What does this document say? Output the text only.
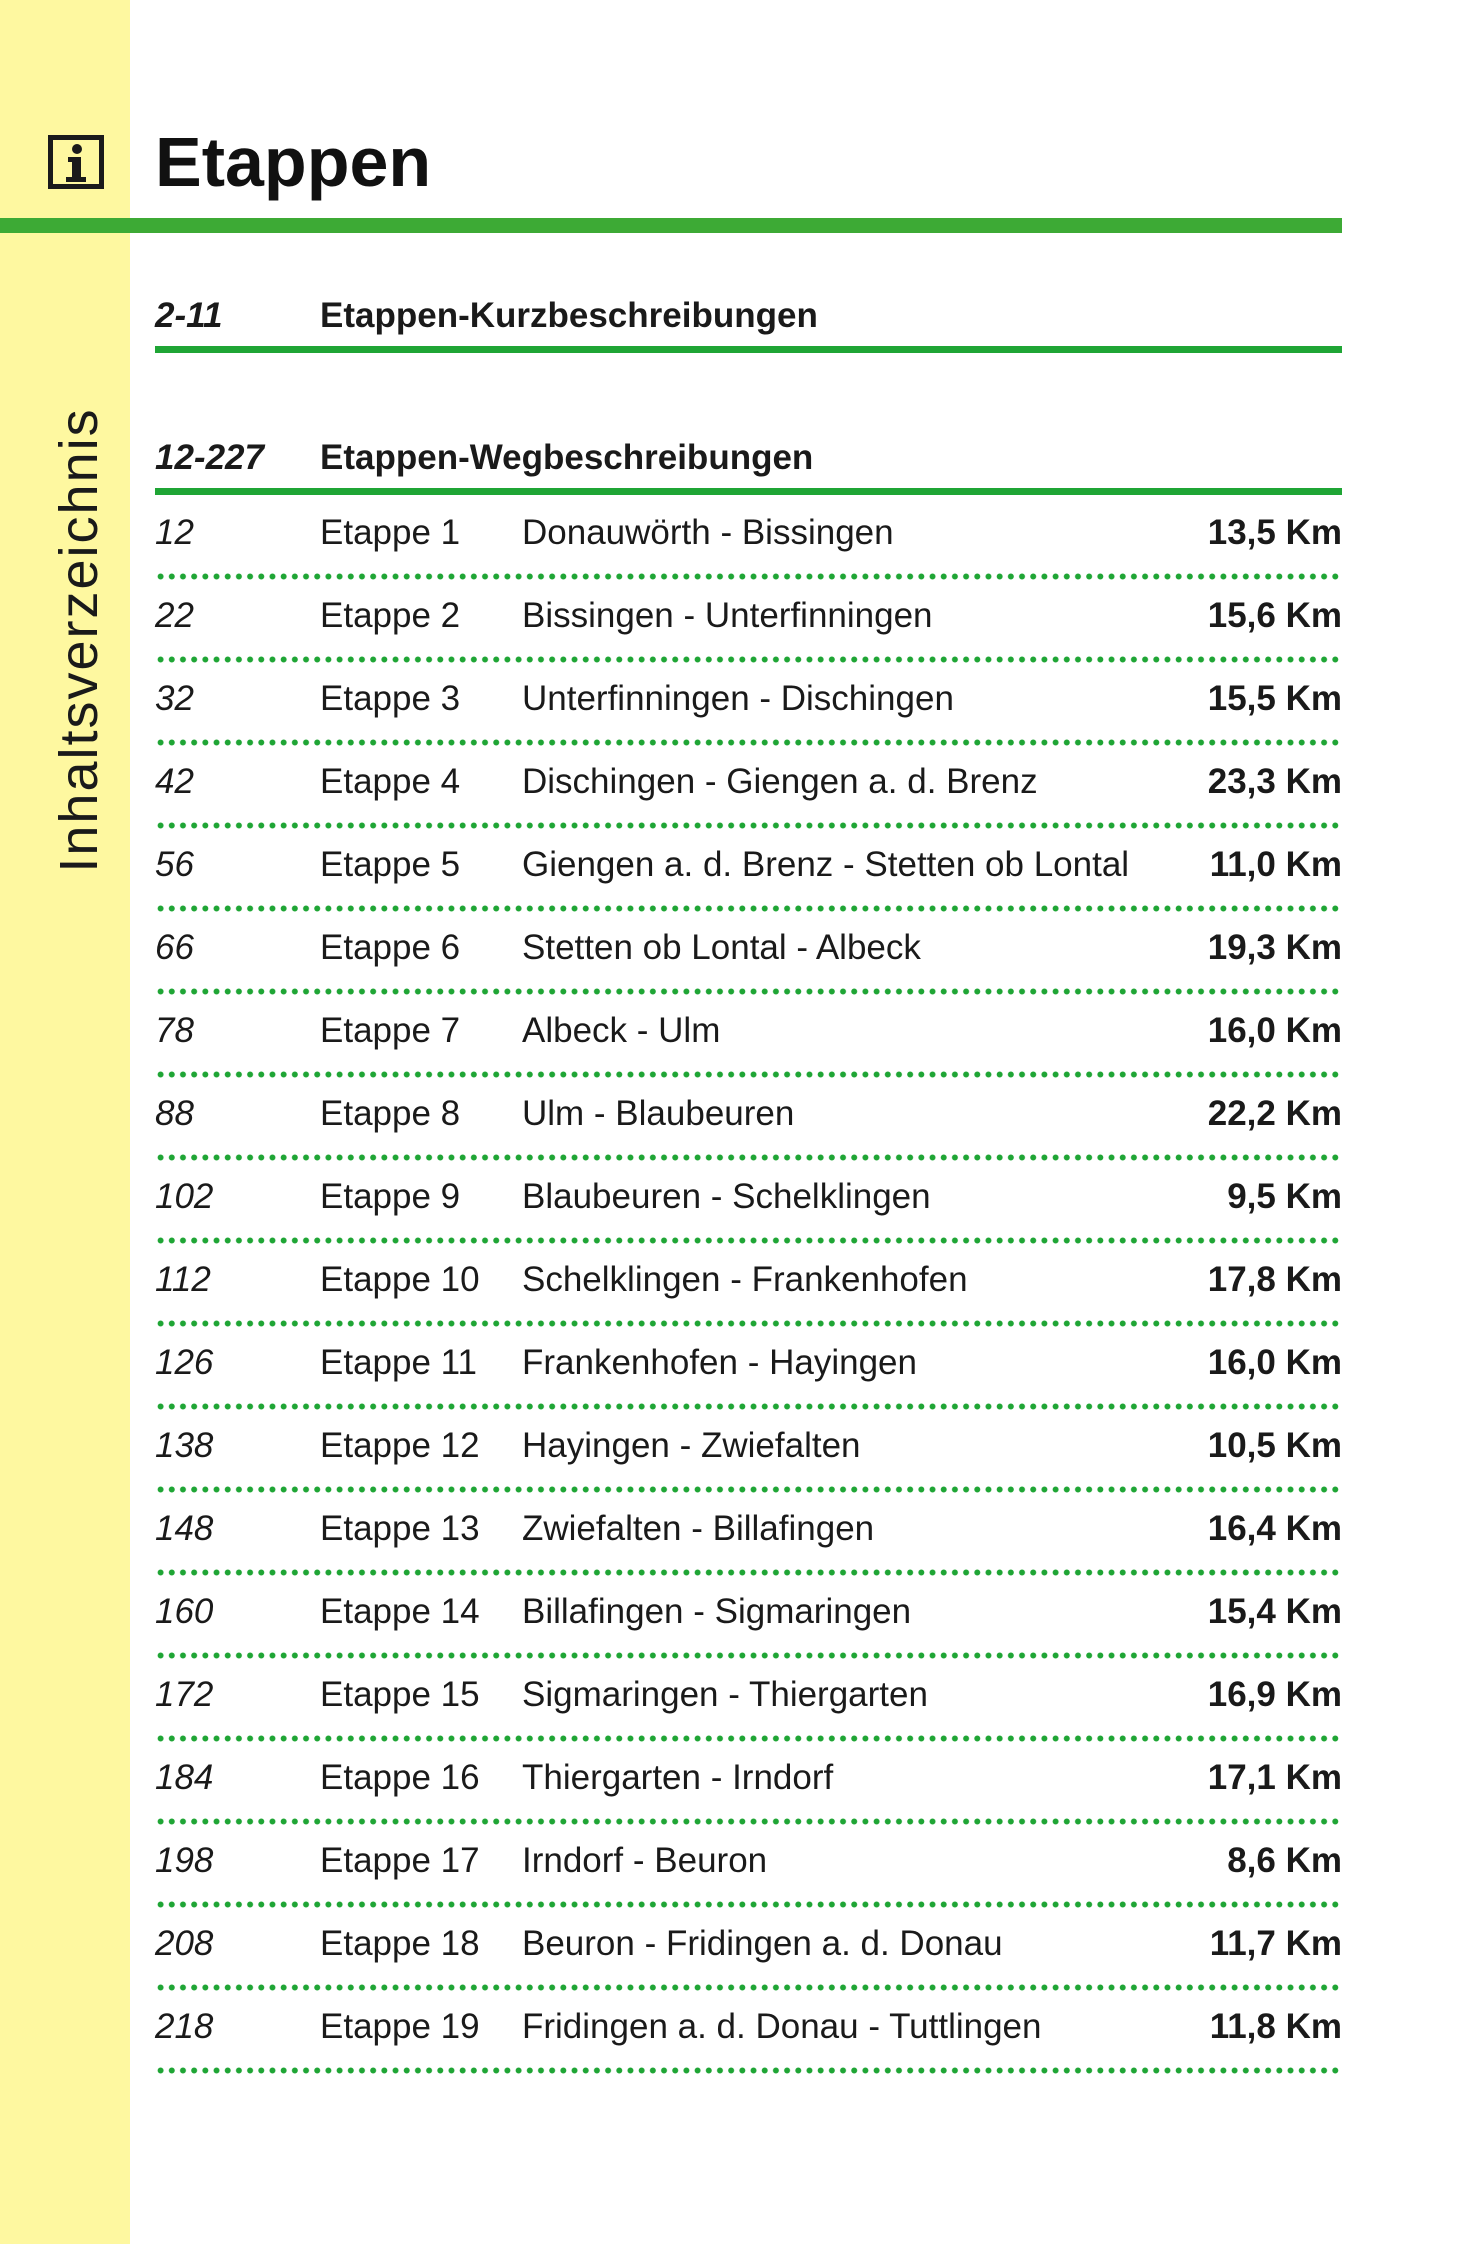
Inhaltsverzeichnis
Etappen
2-11	Etappen-Kurzbeschreibungen
12-227 Etappen-Wegbeschreibungen
12	Etappe 1 Donauwörth - Bissingen	13,5 Km
22	Etappe 2 Bissingen - Unterfinningen	15,6 Km
32	Etappe 3 Unterfinningen - Dischingen	15,5 Km
42	Etappe 4 Dischingen - Giengen a. d. Brenz	23,3 Km
56	Etappe 5 Giengen a. d. Brenz - Stetten ob Lontal 11,0 Km
66	Etappe 6 Stetten ob Lontal - Albeck	19,3 Km
78	Etappe 7 Albeck - Ulm	16,0 Km
88	Etappe 8 Ulm - Blaubeuren	22,2 Km
102	Etappe 9 Blaubeuren - Schelklingen	9,5 Km
112	Etappe 10 Schelklingen - Frankenhofen	17,8 Km
126	Etappe 11 Frankenhofen - Hayingen	16,0 Km
138	Etappe 12 Hayingen - Zwiefalten	10,5 Km
148	Etappe 13 Zwiefalten - Billafingen	16,4 Km
160	Etappe 14 Billafingen - Sigmaringen	15,4 Km
172	Etappe 15 Sigmaringen - Thiergarten	16,9 Km
184	Etappe 16 Thiergarten - Irndorf	17,1 Km
198	Etappe 17 Irndorf - Beuron	8,6 Km
208	Etappe 18 Beuron - Fridingen a. d. Donau	11,7 Km
218	Etappe 19 Fridingen a. d. Donau - Tuttlingen	11,8 Km
